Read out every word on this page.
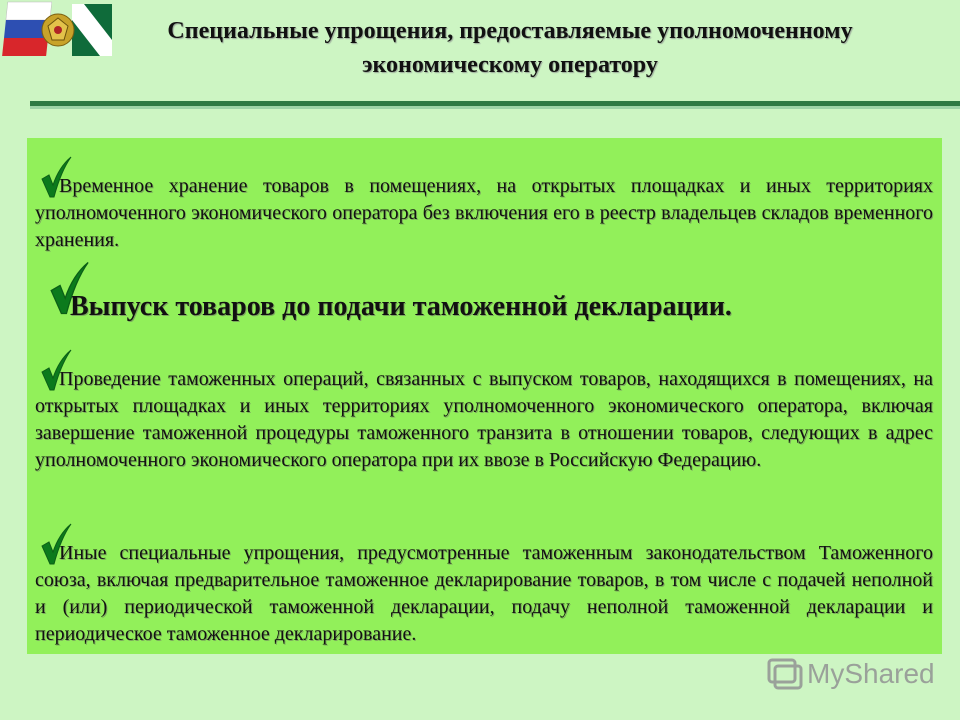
Специальные упрощения, предоставляемые уполномоченному
экономическому оператору
Временное хранение товаров в помещениях, на открытых площадках и иных территориях уполномоченного экономического оператора без включения его в реестр владельцев складов временного хранения.
Выпуск товаров до подачи таможенной декларации.
Проведение таможенных операций, связанных с выпуском товаров, находящихся в помещениях, на открытых площадках и иных территориях уполномоченного экономического оператора, включая завершение таможенной процедуры таможенного транзита в отношении товаров, следующих в адрес уполномоченного экономического оператора при их ввозе в Российскую Федерацию.
Иные специальные упрощения, предусмотренные таможенным законодательством Таможенного союза, включая предварительное таможенное декларирование товаров, в том числе с подачей неполной и (или) периодической таможенной декларации, подачу неполной таможенной декларации и периодическое таможенное декларирование.
MyShared
